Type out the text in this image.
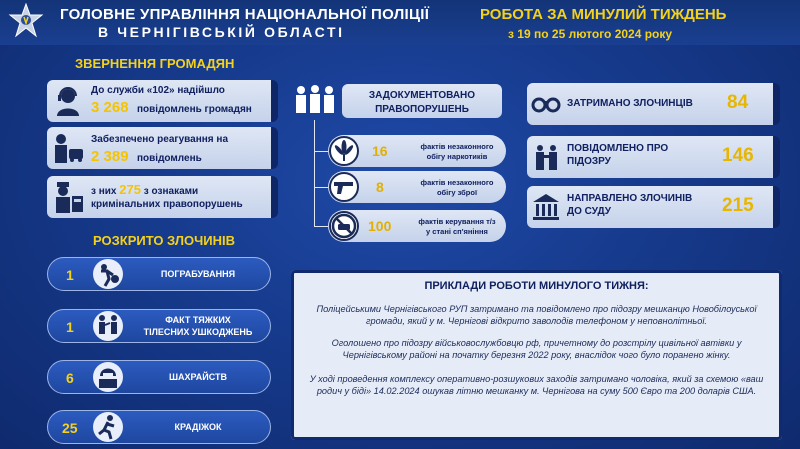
ГОЛОВНЕ УПРАВЛІННЯ НАЦІОНАЛЬНОЇ ПОЛІЦІЇ
В ЧЕРНІГІВСЬКІЙ ОБЛАСТІ
РОБОТА ЗА МИНУЛИЙ ТИЖДЕНЬ
з 19 по 25 лютого 2024 року
ЗВЕРНЕННЯ ГРОМАДЯН
До служби «102» надійшло
3 268 повідомлень громадян
Забезпечено реагування на
2 389 повідомлень
з них 275 з ознаками
кримінальних правопорушень
РОЗКРИТО ЗЛОЧИНІВ
1	ПОГРАБУВАННЯ
1	ФАКТ ТЯЖКИХ
ТІЛЕСНИХ УШКОДЖЕНЬ
6	ШАХРАЙСТВ
25	КРАДІЖОК
ЗАДОКУМЕНТОВАНО
ПРАВОПОРУШЕНЬ
16	фактів незаконного
обігу наркотиків
8	фактів незаконного
обігу зброї
100	фактів керування т/з
у стані сп'яніння
ЗАТРИМАНО ЗЛОЧИНЦІВ 84
ПОВІДОМЛЕНО ПРО
ПІДОЗРУ	146
НАПРАВЛЕНО ЗЛОЧИНІВ
ДО СУДУ	215
ПРИКЛАДИ РОБОТИ МИНУЛОГО ТИЖНЯ:
Поліцейськими Чернігівського РУП затримано та повідомлено про підозру мешканцю Новобілоуської громади, який у м. Чернігові відкрито заволодів телефоном у неповнолітньої.
Оголошено про підозру військовослужбовцю рф, причетному до розстрілу цивільної автівки у Чернігівському районі на початку березня 2022 року, внаслідок чого було поранено жінку.
У ході проведення комплексу оперативно-розшукових заходів затримано чоловіка, який за схемою «ваш родич у біді» 14.02.2024 ошукав літню мешканку м. Чернігова на суму 500 Євро та 200 доларів США.
